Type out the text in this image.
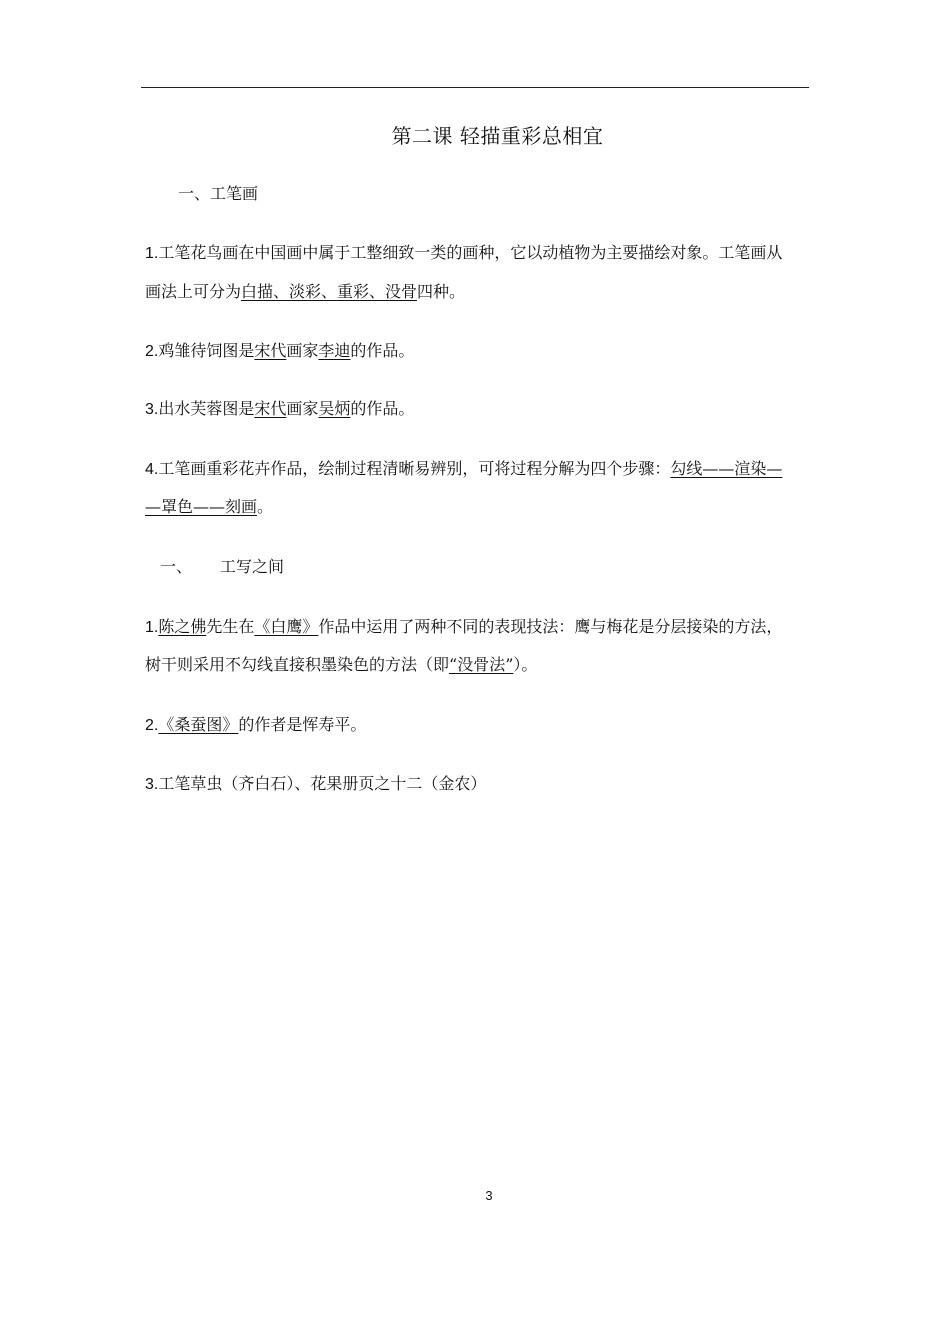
第二课 轻描重彩总相宜
一、工笔画
1.工笔花鸟画在中国画中属于工整细致一类的画种，它以动植物为主要描绘对象。工笔画从
画法上可分为白描、淡彩、重彩、没骨四种。
2.鸡雏待饲图是宋代画家李迪的作品。
3.出水芙蓉图是宋代画家吴炳的作品。
4.工笔画重彩花卉作品，绘制过程清晰易辨别，可将过程分解为四个步骤：勾线——渲染—
—罩色——刻画。
一、 工写之间
1.陈之佛先生在《白鹰》作品中运用了两种不同的表现技法：鹰与梅花是分层接染的方法，
树干则采用不勾线直接积墨染色的方法（即“没骨法”）。
2.《桑蚕图》的作者是恽寿平。
3.工笔草虫（齐白石）、花果册页之十二（金农）
3
